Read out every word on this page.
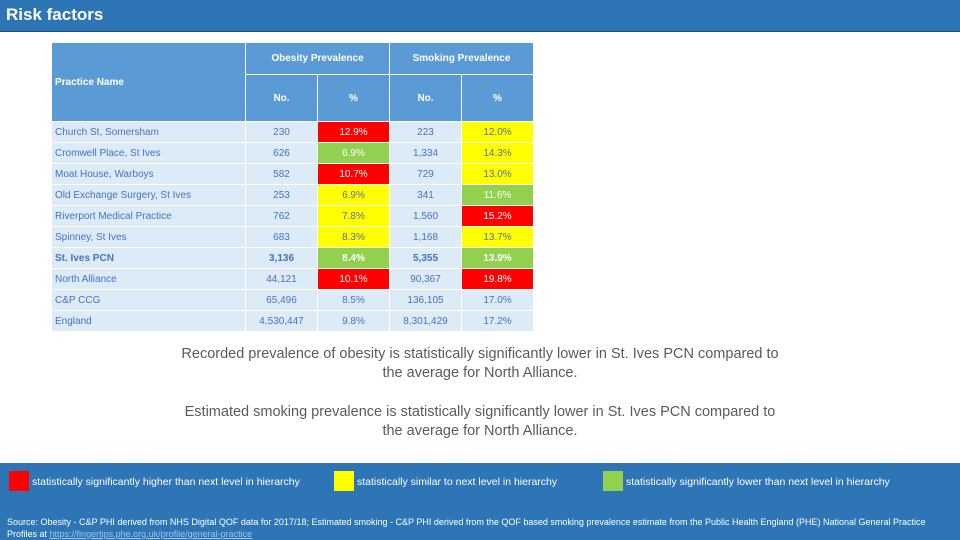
Risk factors
Practice Name	Obesity Prevalence		Smoking Prevalence	
	No.	%	No.	%
Church St, Somersham	230	12.9%	223	12.0%
Cromwell Place, St Ives	626	6.9%	1,334	14.3%
Moat House, Warboys	582	10.7%	729	13.0%
Old Exchange Surgery, St Ives	253	6.9%	341	11.6%
Riverport Medical Practice	762	7.8%	1,560	15.2%
Spinney, St Ives	683	8.3%	1,168	13.7%
St. Ives PCN	3,136	8.4%	5,355	13.9%
North Alliance	44,121	10.1%	90,367	19.8%
C&P CCG	65,496	8.5%	136,105	17.0%
England	4,530,447	9.8%	8,301,429	17.2%
Recorded prevalence of obesity is statistically significantly lower in St. Ives PCN compared to the average for North Alliance.
Estimated smoking prevalence is statistically significantly lower in St. Ives PCN compared to the average for North Alliance.
statistically significantly higher than next level in hierarchy	statistically similar to next level in hierarchy	statistically significantly lower than next level in hierarchy
Source: Obesity - C&P PHI derived from NHS Digital QOF data for 2017/18; Estimated smoking - C&P PHI derived from the QOF based smoking prevalence estimate from the Public Health England (PHE) National General Practice Profiles at https://fingertips.phe.org.uk/profile/general-practice
